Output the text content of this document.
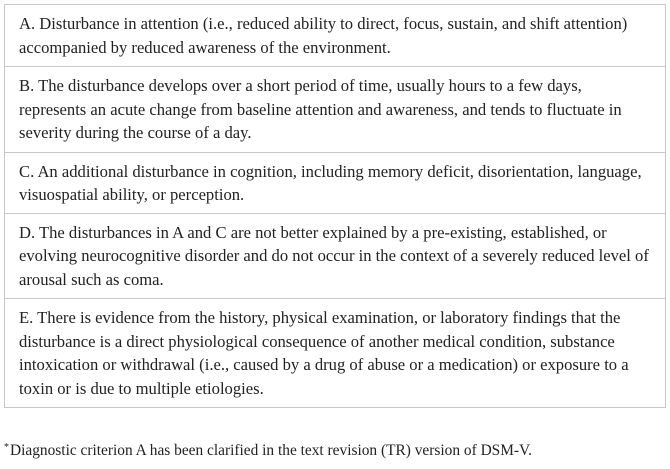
A. Disturbance in attention (i.e., reduced ability to direct, focus, sustain, and shift attention) accompanied by reduced awareness of the environment.
B. The disturbance develops over a short period of time, usually hours to a few days, represents an acute change from baseline attention and awareness, and tends to fluctuate in severity during the course of a day.
C. An additional disturbance in cognition, including memory deficit, disorientation, language, visuospatial ability, or perception.
D. The disturbances in A and C are not better explained by a pre-existing, established, or evolving neurocognitive disorder and do not occur in the context of a severely reduced level of arousal such as coma.
E. There is evidence from the history, physical examination, or laboratory findings that the disturbance is a direct physiological consequence of another medical condition, substance intoxication or withdrawal (i.e., caused by a drug of abuse or a medication) or exposure to a toxin or is due to multiple etiologies.
*Diagnostic criterion A has been clarified in the text revision (TR) version of DSM-V.
